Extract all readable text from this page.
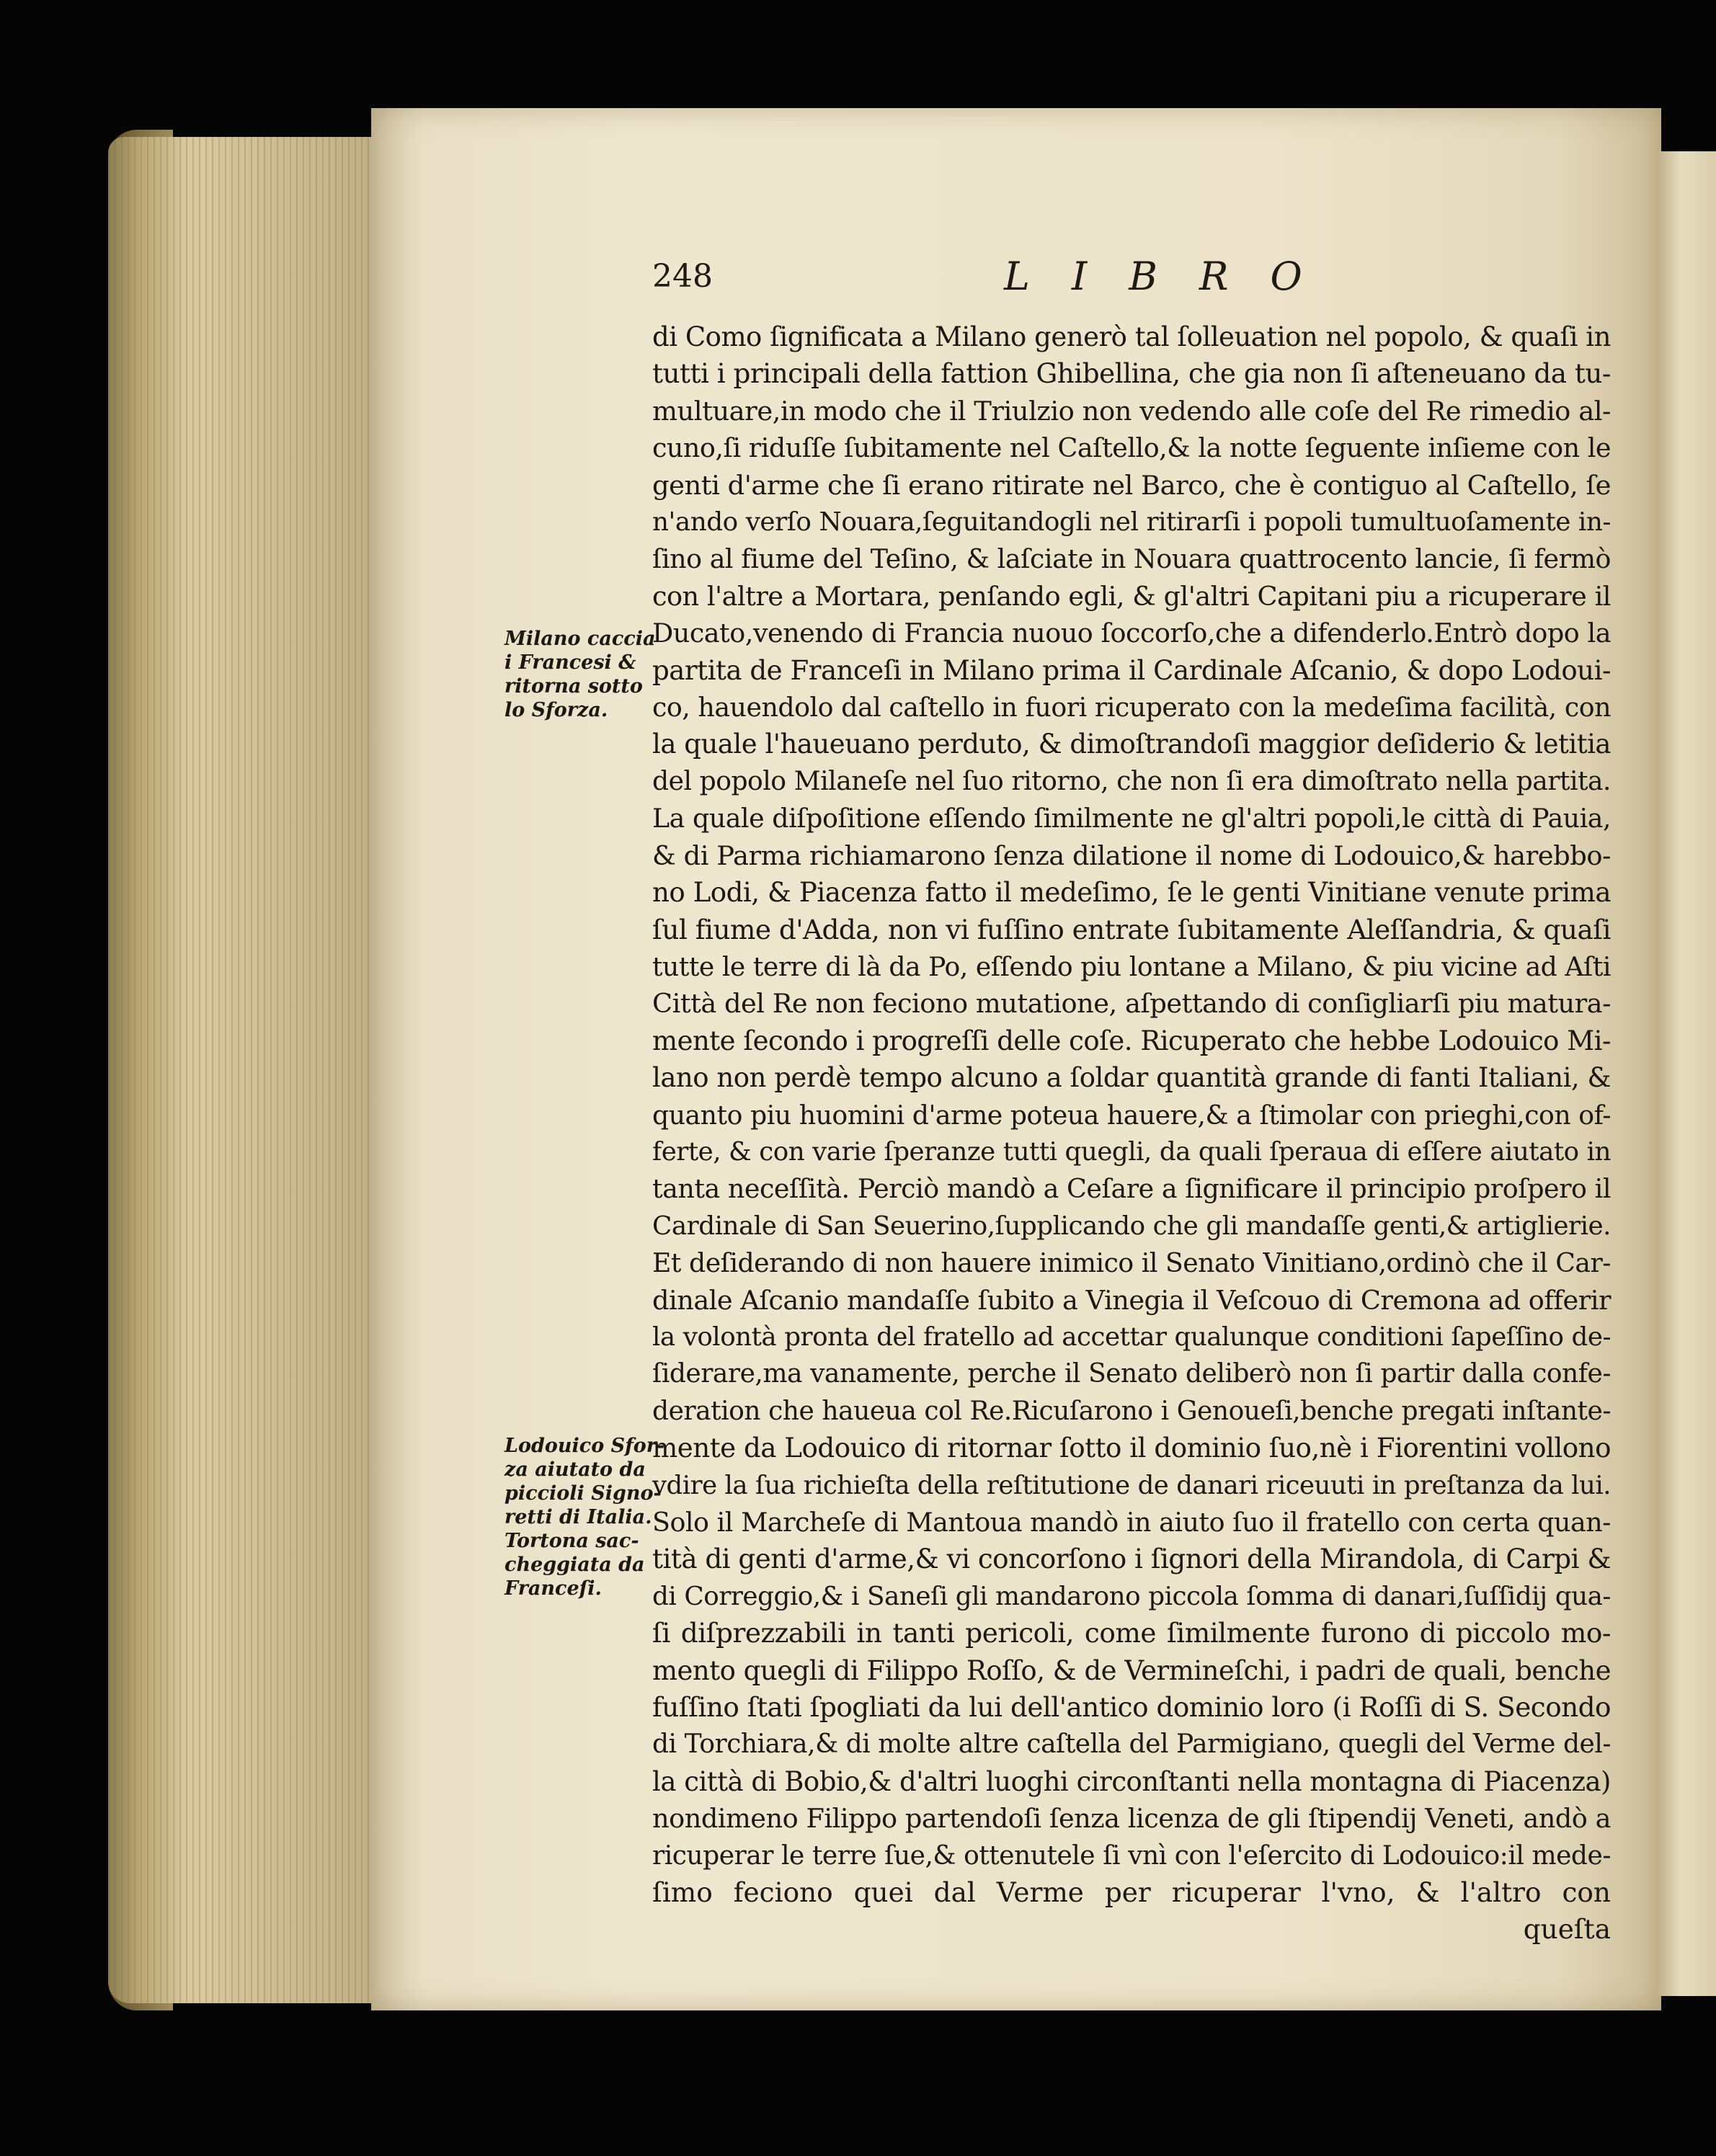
248	LIBRO
Milano caccia
i Francesi &
ritorna sotto
lo Sforza.
Lodouico Sfor-
za aiutato da
piccioli Signo-
retti di Italia.
Tortona sac-
cheggiata da
Franceſi.
di Como ſignificata a Milano generò tal ſolleuation nel popolo, & quaſi in
tutti i principali della fattion Ghibellina, che gia non ſi aſteneuano da tu-
multuare,in modo che il Triulzio non vedendo alle coſe del Re rimedio al-
cuno,ſi riduſſe ſubitamente nel Caſtello,& la notte ſeguente inſieme con le
genti d'arme che ſi erano ritirate nel Barco, che è contiguo al Caſtello, ſe
n'ando verſo Nouara,ſeguitandogli nel ritirarſi i popoli tumultuoſamente in-
ſino al fiume del Teſino, & laſciate in Nouara quattrocento lancie, ſi fermò
con l'altre a Mortara, penſando egli, & gl'altri Capitani piu a ricuperare il
Ducato,venendo di Francia nuouo ſoccorſo,che a difenderlo.Entrò dopo la
partita de Franceſi in Milano prima il Cardinale Aſcanio, & dopo Lodoui-
co, hauendolo dal caſtello in fuori ricuperato con la medeſima facilità, con
la quale l'haueuano perduto, & dimoſtrandoſi maggior deſiderio & letitia
del popolo Milaneſe nel ſuo ritorno, che non ſi era dimoſtrato nella partita.
La quale diſpoſitione eſſendo ſimilmente ne gl'altri popoli,le città di Pauia,
& di Parma richiamarono ſenza dilatione il nome di Lodouico,& harebbo-
no Lodi, & Piacenza fatto il medeſimo, ſe le genti Vinitiane venute prima
ſul fiume d'Adda, non vi fuſſino entrate ſubitamente Aleſſandria, & quaſi
tutte le terre di là da Po, eſſendo piu lontane a Milano, & piu vicine ad Aſti
Città del Re non feciono mutatione, aſpettando di conſigliarſi piu matura-
mente ſecondo i progreſſi delle coſe. Ricuperato che hebbe Lodouico Mi-
lano non perdè tempo alcuno a ſoldar quantità grande di fanti Italiani, &
quanto piu huomini d'arme poteua hauere,& a ſtimolar con prieghi,con of-
ferte, & con varie ſperanze tutti quegli, da quali ſperaua di eſſere aiutato in
tanta neceſſità. Perciò mandò a Ceſare a ſignificare il principio proſpero il
Cardinale di San Seuerino,ſupplicando che gli mandaſſe genti,& artiglierie.
Et deſiderando di non hauere inimico il Senato Vinitiano,ordinò che il Car-
dinale Aſcanio mandaſſe ſubito a Vinegia il Veſcouo di Cremona ad offerir
la volontà pronta del fratello ad accettar qualunque conditioni ſapeſſino de-
ſiderare,ma vanamente, perche il Senato deliberò non ſi partir dalla confe-
deration che haueua col Re.Ricuſarono i Genoueſi,benche pregati inſtante-
mente da Lodouico di ritornar ſotto il dominio ſuo,nè i Fiorentini vollono
vdire la ſua richieſta della reſtitutione de danari riceuuti in preſtanza da lui.
Solo il Marcheſe di Mantoua mandò in aiuto ſuo il fratello con certa quan-
tità di genti d'arme,& vi concorſono i ſignori della Mirandola, di Carpi &
di Correggio,& i Saneſi gli mandarono piccola ſomma di danari,ſuſſidij qua-
ſi diſprezzabili in tanti pericoli, come ſimilmente furono di piccolo mo-
mento quegli di Filippo Roſſo, & de Vermineſchi, i padri de quali, benche
fuſſino ſtati ſpogliati da lui dell'antico dominio loro (i Roſſi di S. Secondo
di Torchiara,& di molte altre caſtella del Parmigiano, quegli del Verme del-
la città di Bobio,& d'altri luoghi circonſtanti nella montagna di Piacenza)
nondimeno Filippo partendoſi ſenza licenza de gli ſtipendij Veneti, andò a
ricuperar le terre ſue,& ottenutele ſi vnì con l'eſercito di Lodouico:il mede-
ſimo feciono quei dal Verme per ricuperar l'vno, & l'altro con
queſta
